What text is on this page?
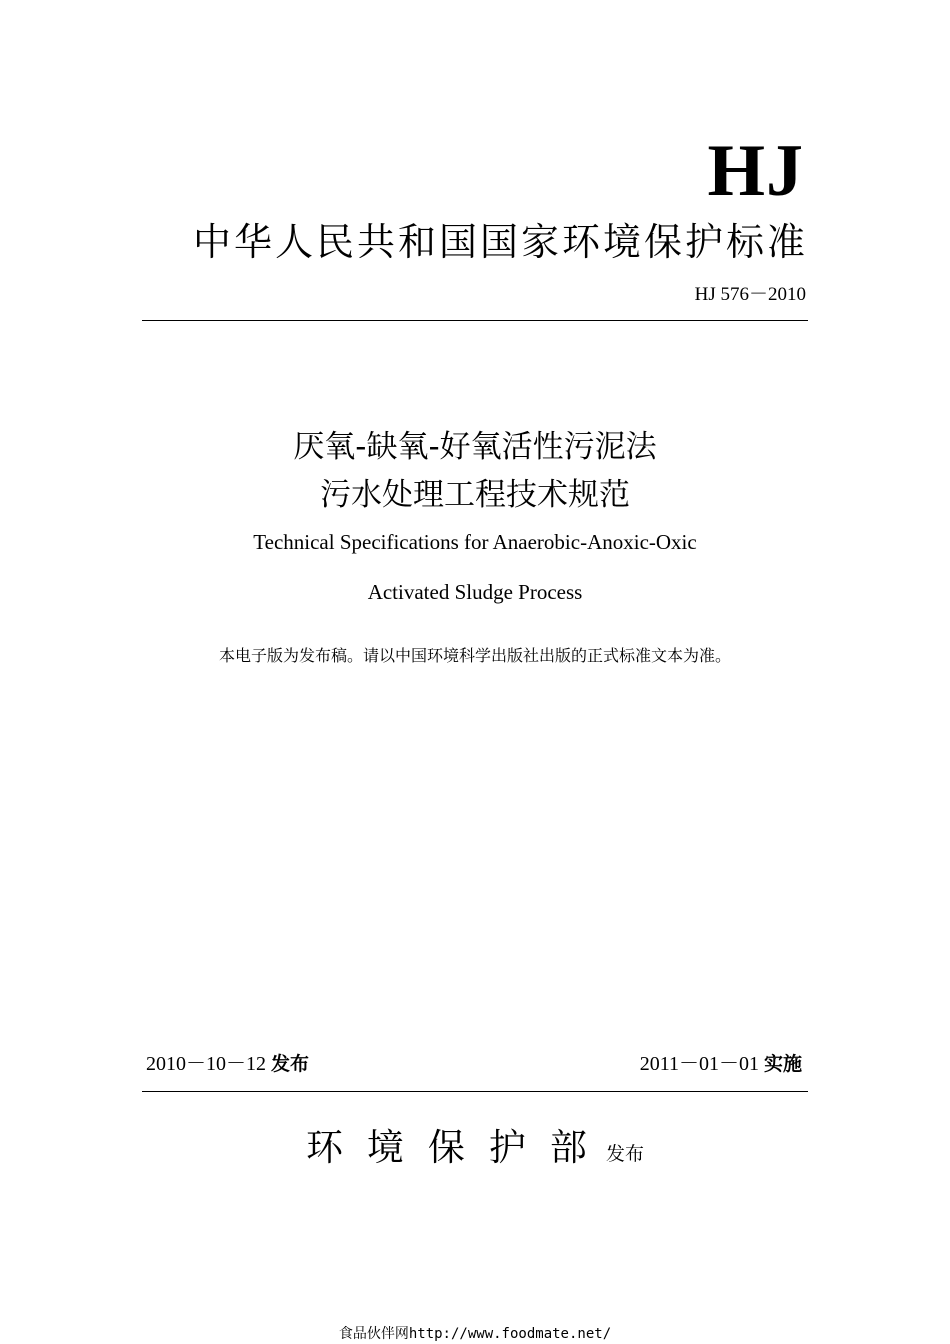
HJ
中华人民共和国国家环境保护标准
HJ 576－2010
厌氧-缺氧-好氧活性污泥法
污水处理工程技术规范
Technical Specifications for Anaerobic-Anoxic-Oxic
Activated Sludge Process
本电子版为发布稿。请以中国环境科学出版社出版的正式标准文本为准。
2010－10－12 发布	2011－01－01 实施
环境保护部 发布
食品伙伴网http://www.foodmate.net/
